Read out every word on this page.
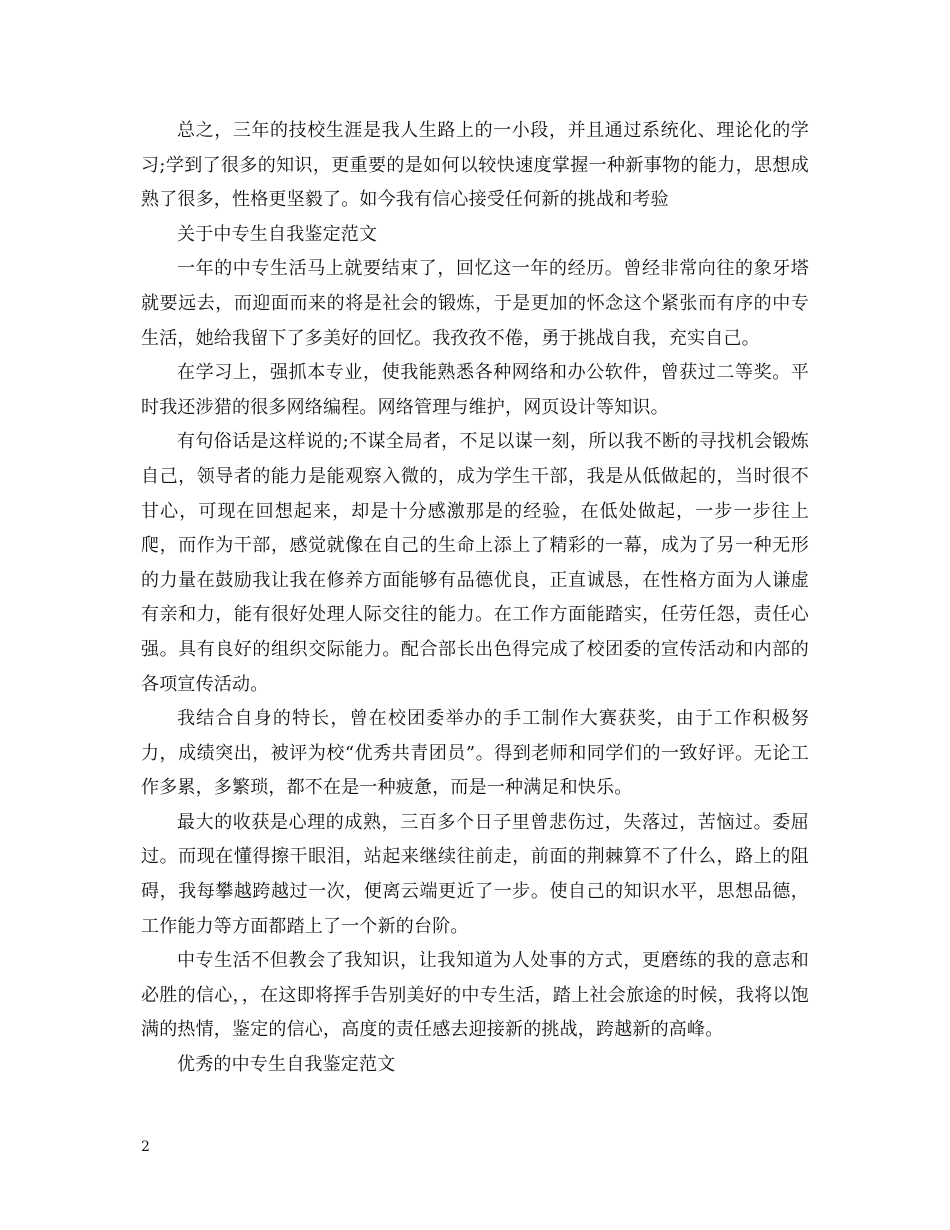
总之，三年的技校生涯是我人生路上的一小段，并且通过系统化、理论化的学习;学到了很多的知识，更重要的是如何以较快速度掌握一种新事物的能力，思想成熟了很多，性格更坚毅了。如今我有信心接受任何新的挑战和考验

关于中专生自我鉴定范文

一年的中专生活马上就要结束了，回忆这一年的经历。曾经非常向往的象牙塔就要远去，而迎面而来的将是社会的锻炼，于是更加的怀念这个紧张而有序的中专生活，她给我留下了多美好的回忆。我孜孜不倦，勇于挑战自我，充实自己。

在学习上，强抓本专业，使我能熟悉各种网络和办公软件，曾获过二等奖。平时我还涉猎的很多网络编程。网络管理与维护，网页设计等知识。

有句俗话是这样说的;不谋全局者，不足以谋一刻，所以我不断的寻找机会锻炼自己，领导者的能力是能观察入微的，成为学生干部，我是从低做起的，当时很不甘心，可现在回想起来，却是十分感激那是的经验，在低处做起，一步一步往上爬，而作为干部，感觉就像在自己的生命上添上了精彩的一幕，成为了另一种无形的力量在鼓励我让我在修养方面能够有品德优良，正直诚恳，在性格方面为人谦虚有亲和力，能有很好处理人际交往的能力。在工作方面能踏实，任劳任怨，责任心强。具有良好的组织交际能力。配合部长出色得完成了校团委的宣传活动和内部的各项宣传活动。

我结合自身的特长，曾在校团委举办的手工制作大赛获奖，由于工作积极努力，成绩突出，被评为校“优秀共青团员”。得到老师和同学们的一致好评。无论工作多累，多繁琐，都不在是一种疲惫，而是一种满足和快乐。

最大的收获是心理的成熟，三百多个日子里曾悲伤过，失落过，苦恼过。委屈过。而现在懂得擦干眼泪，站起来继续往前走，前面的荆棘算不了什么，路上的阻碍，我每攀越跨越过一次，便离云端更近了一步。使自己的知识水平，思想品德，工作能力等方面都踏上了一个新的台阶。

中专生活不但教会了我知识，让我知道为人处事的方式，更磨练的我的意志和必胜的信心，，在这即将挥手告别美好的中专生活，踏上社会旅途的时候，我将以饱满的热情，鉴定的信心，高度的责任感去迎接新的挑战，跨越新的高峰。

优秀的中专生自我鉴定范文

2
